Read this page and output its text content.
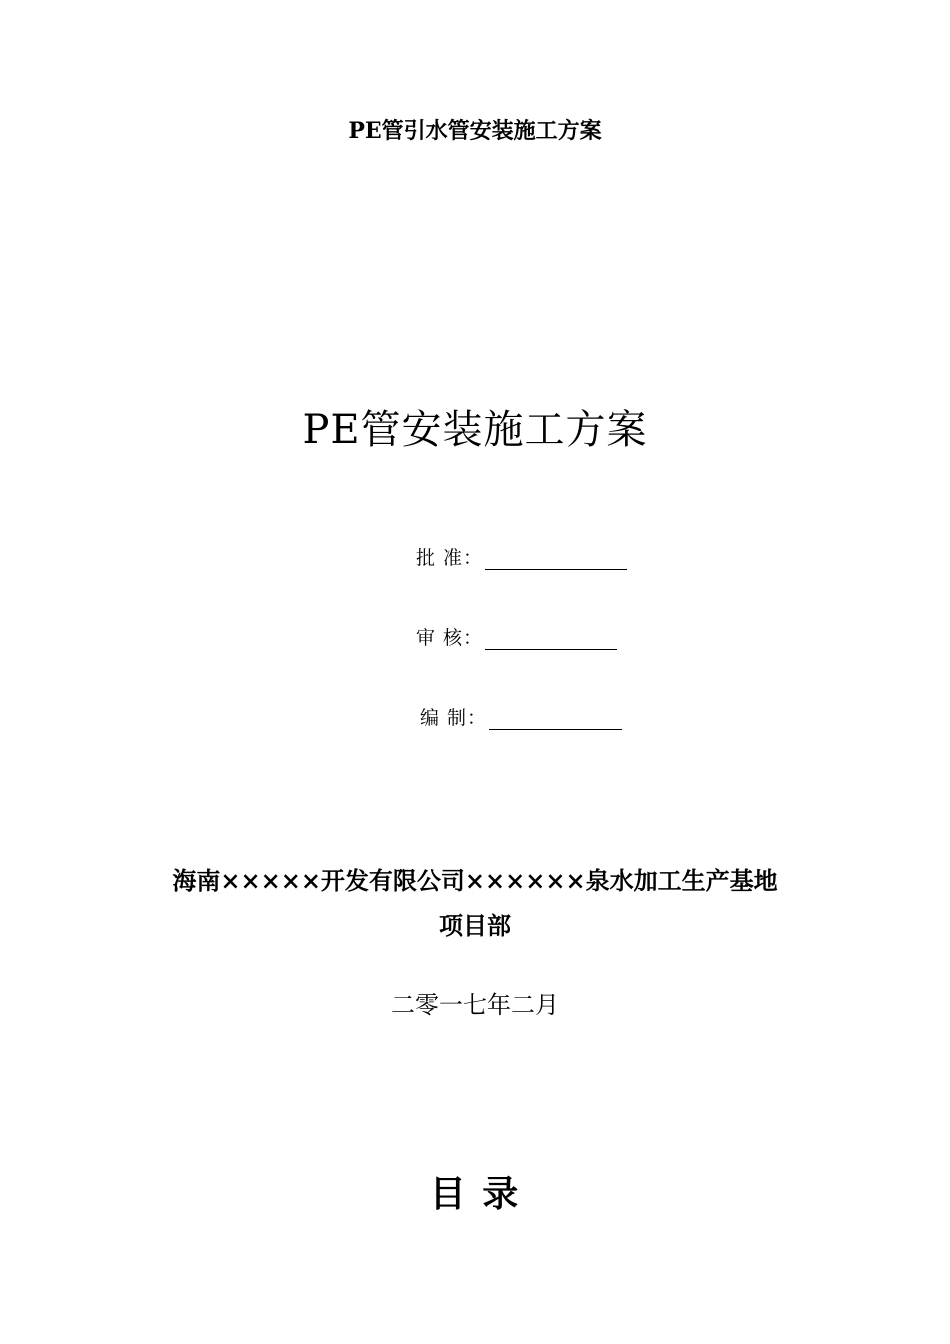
PE管引水管安装施工方案
PE管安装施工方案
批 准：
审 核：
编 制：
海南×××××开发有限公司××××××泉水加工生产基地
项目部
二零一七年二月
目 录
